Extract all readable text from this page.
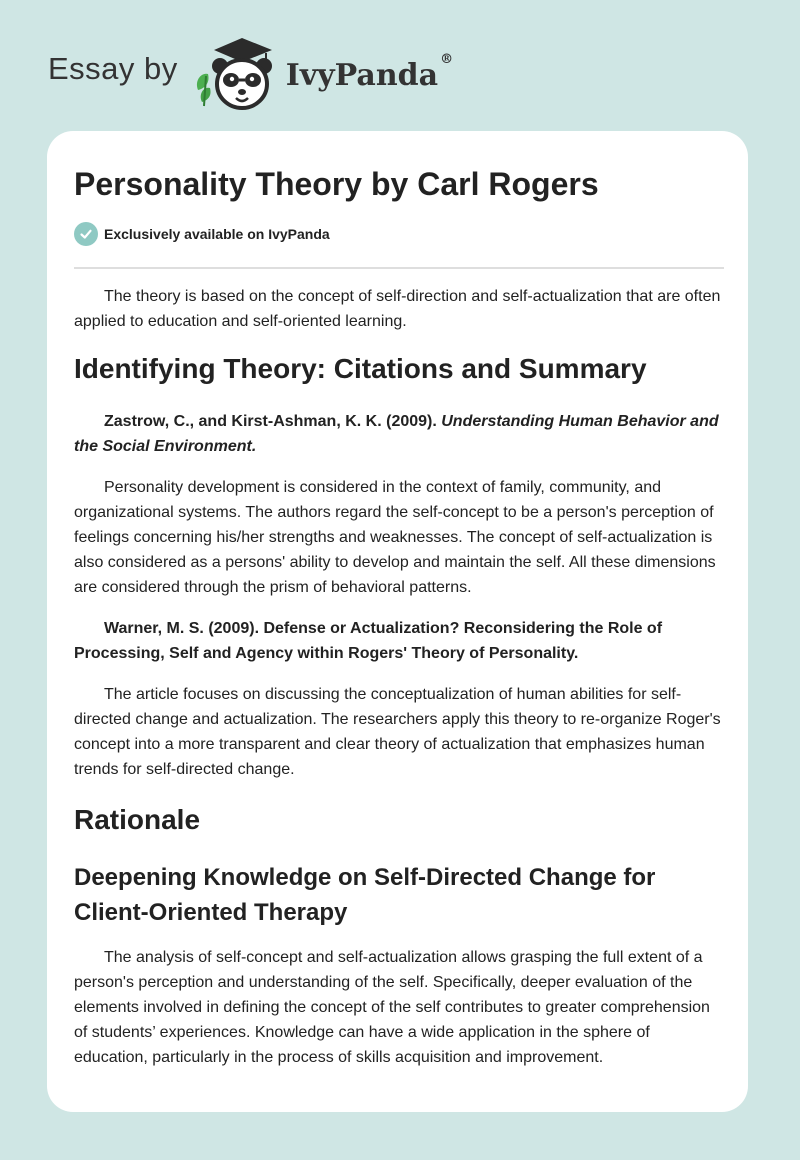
Essay by	IvyPanda ®
Personality Theory by Carl Rogers
Exclusively available on IvyPanda

The theory is based on the concept of self-direction and self-actualization that are often applied to education and self-oriented learning.

Identifying Theory: Citations and Summary

Zastrow, C., and Kirst-Ashman, K. K. (2009). Understanding Human Behavior and the Social Environment.

Personality development is considered in the context of family, community, and organizational systems. The authors regard the self-concept to be a person's perception of feelings concerning his/her strengths and weaknesses. The concept of self-actualization is also considered as a persons' ability to develop and maintain the self. All these dimensions are considered through the prism of behavioral patterns.

Warner, M. S. (2009). Defense or Actualization? Reconsidering the Role of Processing, Self and Agency within Rogers' Theory of Personality.

The article focuses on discussing the conceptualization of human abilities for self-directed change and actualization. The researchers apply this theory to re-organize Roger's concept into a more transparent and clear theory of actualization that emphasizes human trends for self-directed change.

Rationale
Deepening Knowledge on Self-Directed Change for Client-Oriented Therapy

The analysis of self-concept and self-actualization allows grasping the full extent of a person's perception and understanding of the self. Specifically, deeper evaluation of the elements involved in defining the concept of the self contributes to greater comprehension of students’ experiences. Knowledge can have a wide application in the sphere of education, particularly in the process of skills acquisition and improvement.
